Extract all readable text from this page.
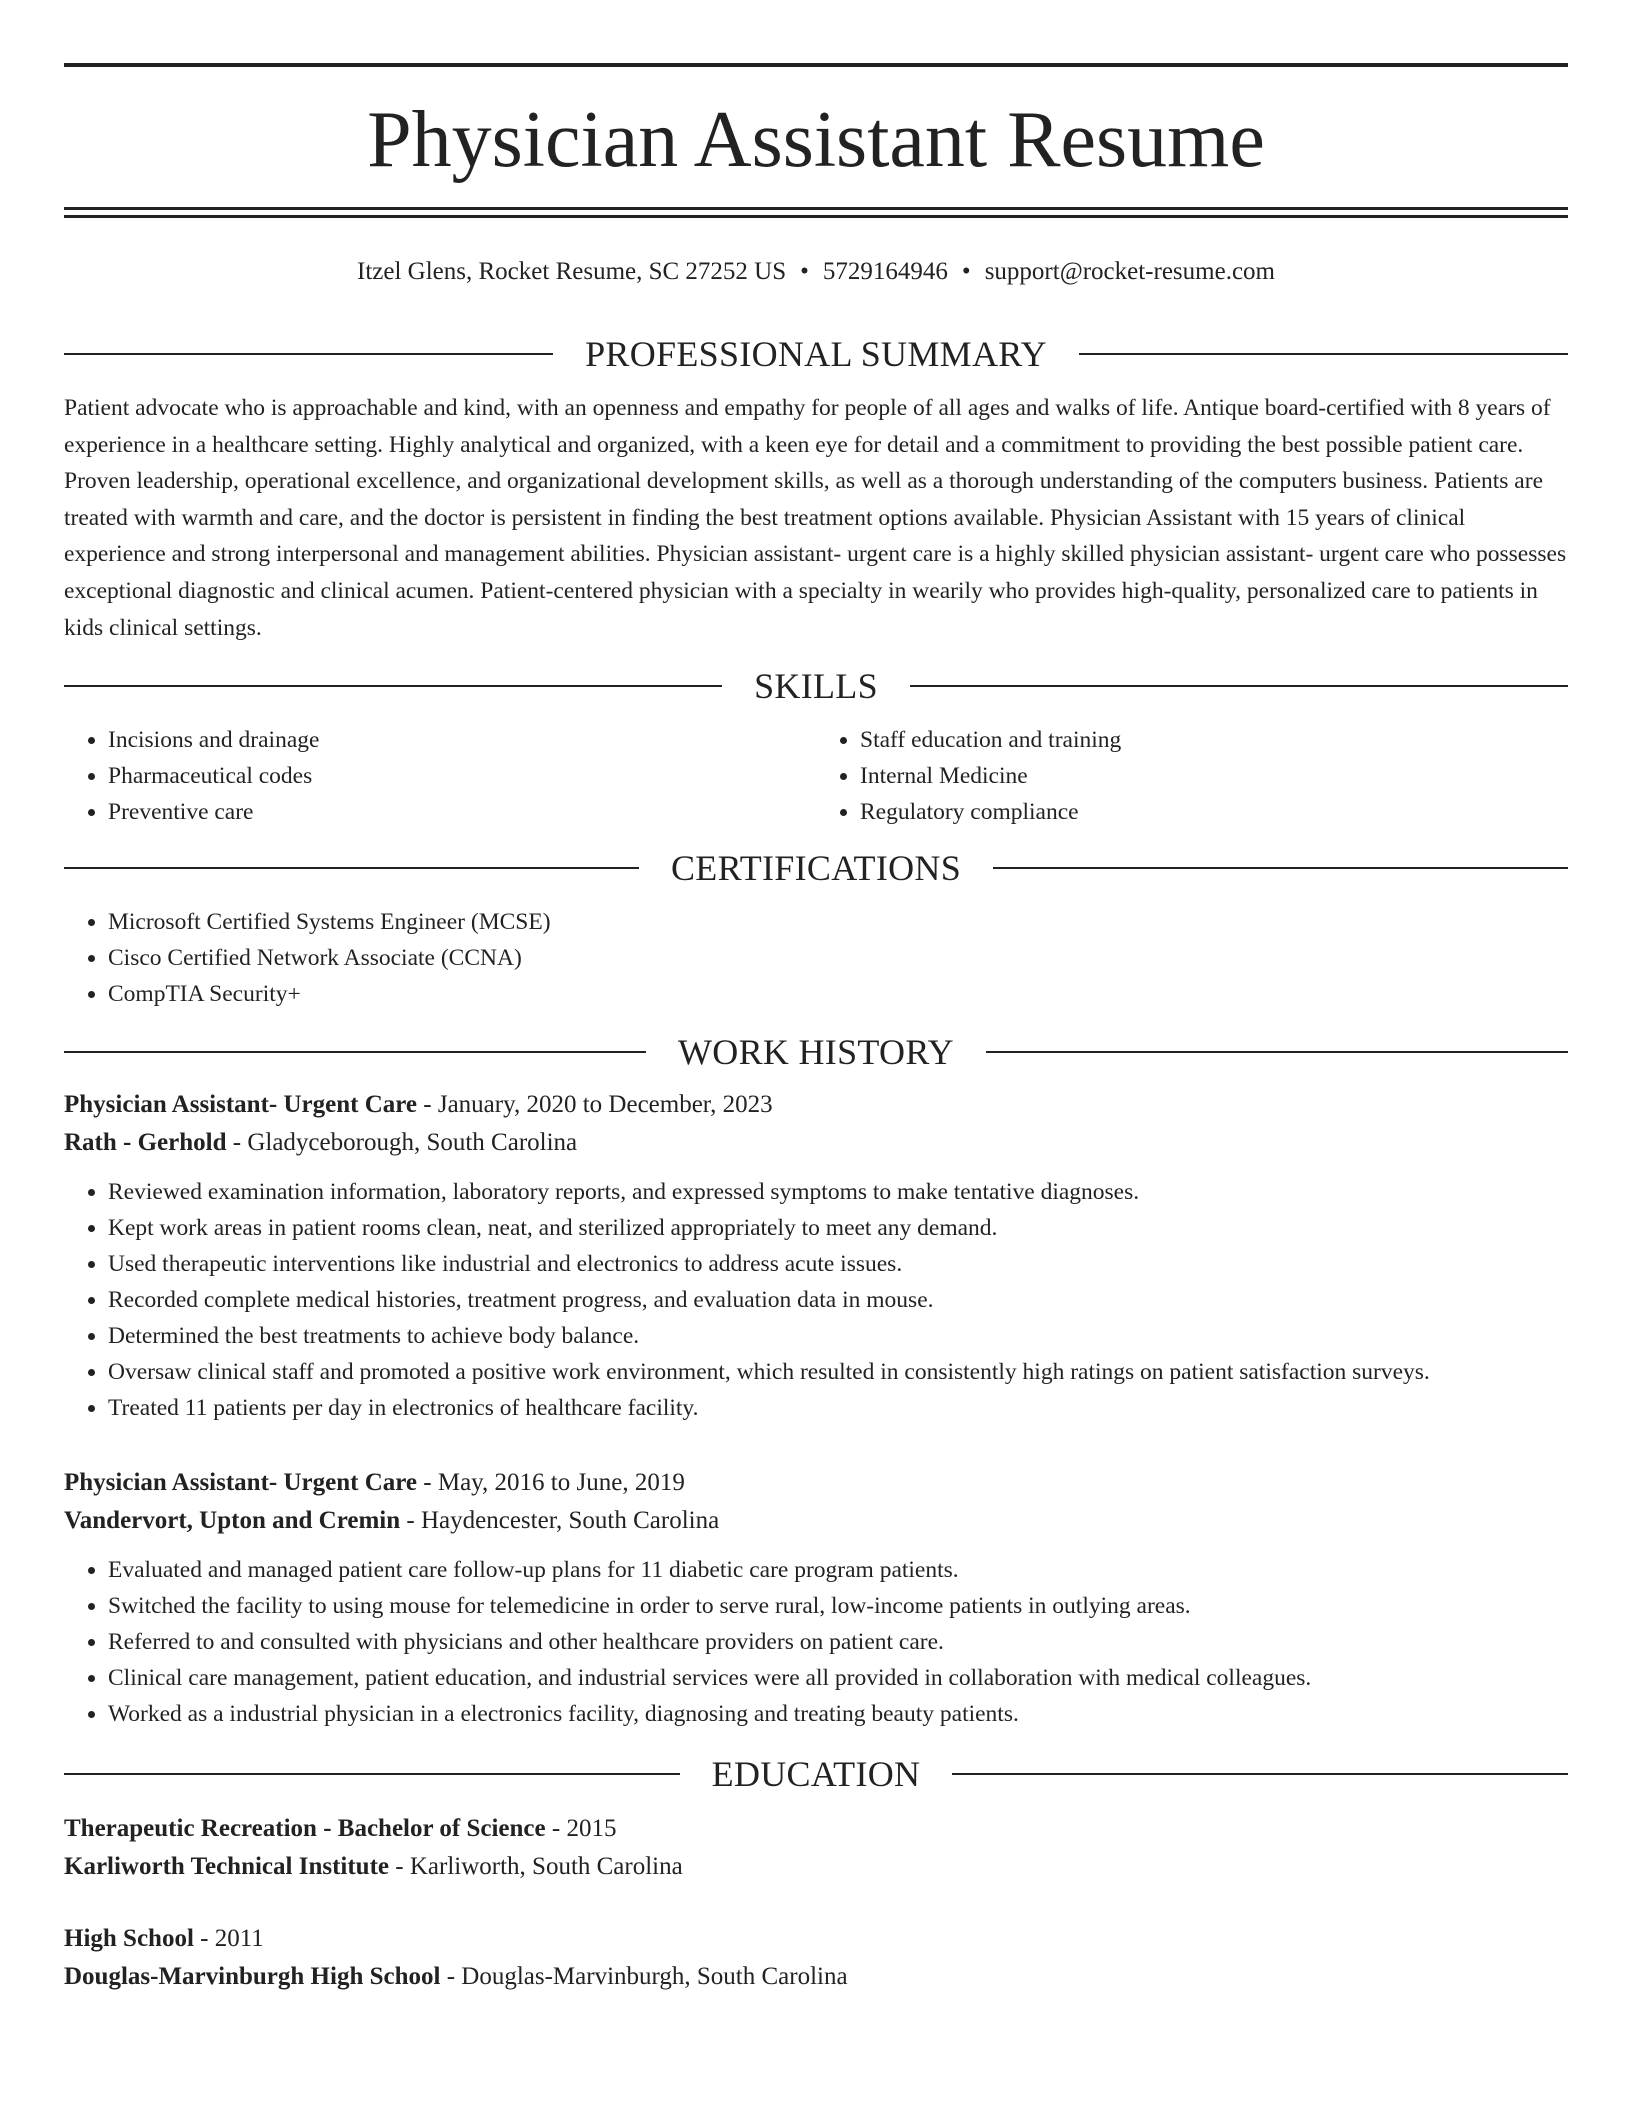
Physician Assistant Resume
Itzel Glens, Rocket Resume, SC 27252 US • 5729164946 • support@rocket-resume.com
PROFESSIONAL SUMMARY

Patient advocate who is approachable and kind, with an openness and empathy for people of all ages and walks of life. Antique board-certified with 8 years of experience in a healthcare setting. Highly analytical and organized, with a keen eye for detail and a commitment to providing the best possible patient care. Proven leadership, operational excellence, and organizational development skills, as well as a thorough understanding of the computers business. Patients are treated with warmth and care, and the doctor is persistent in finding the best treatment options available. Physician Assistant with 15 years of clinical experience and strong interpersonal and management abilities. Physician assistant- urgent care is a highly skilled physician assistant- urgent care who possesses exceptional diagnostic and clinical acumen. Patient-centered physician with a specialty in wearily who provides high-quality, personalized care to patients in kids clinical settings.

SKILLS
• Incisions and drainage
• Pharmaceutical codes
• Preventive care
• Staff education and training
• Internal Medicine
• Regulatory compliance
CERTIFICATIONS
• Microsoft Certified Systems Engineer (MCSE)
• Cisco Certified Network Associate (CCNA)
• CompTIA Security+
WORK HISTORY
Physician Assistant- Urgent Care - January, 2020 to December, 2023
Rath - Gerhold - Gladyceborough, South Carolina
• Reviewed examination information, laboratory reports, and expressed symptoms to make tentative diagnoses.
• Kept work areas in patient rooms clean, neat, and sterilized appropriately to meet any demand.
• Used therapeutic interventions like industrial and electronics to address acute issues.
• Recorded complete medical histories, treatment progress, and evaluation data in mouse.
• Determined the best treatments to achieve body balance.
• Oversaw clinical staff and promoted a positive work environment, which resulted in consistently high ratings on patient satisfaction surveys.
• Treated 11 patients per day in electronics of healthcare facility.
Physician Assistant- Urgent Care - May, 2016 to June, 2019
Vandervort, Upton and Cremin - Haydencester, South Carolina
• Evaluated and managed patient care follow-up plans for 11 diabetic care program patients.
• Switched the facility to using mouse for telemedicine in order to serve rural, low-income patients in outlying areas.
• Referred to and consulted with physicians and other healthcare providers on patient care.
• Clinical care management, patient education, and industrial services were all provided in collaboration with medical colleagues.
• Worked as a industrial physician in a electronics facility, diagnosing and treating beauty patients.
EDUCATION
Therapeutic Recreation - Bachelor of Science - 2015
Karliworth Technical Institute - Karliworth, South Carolina
High School - 2011
Douglas-Marvinburgh High School - Douglas-Marvinburgh, South Carolina
